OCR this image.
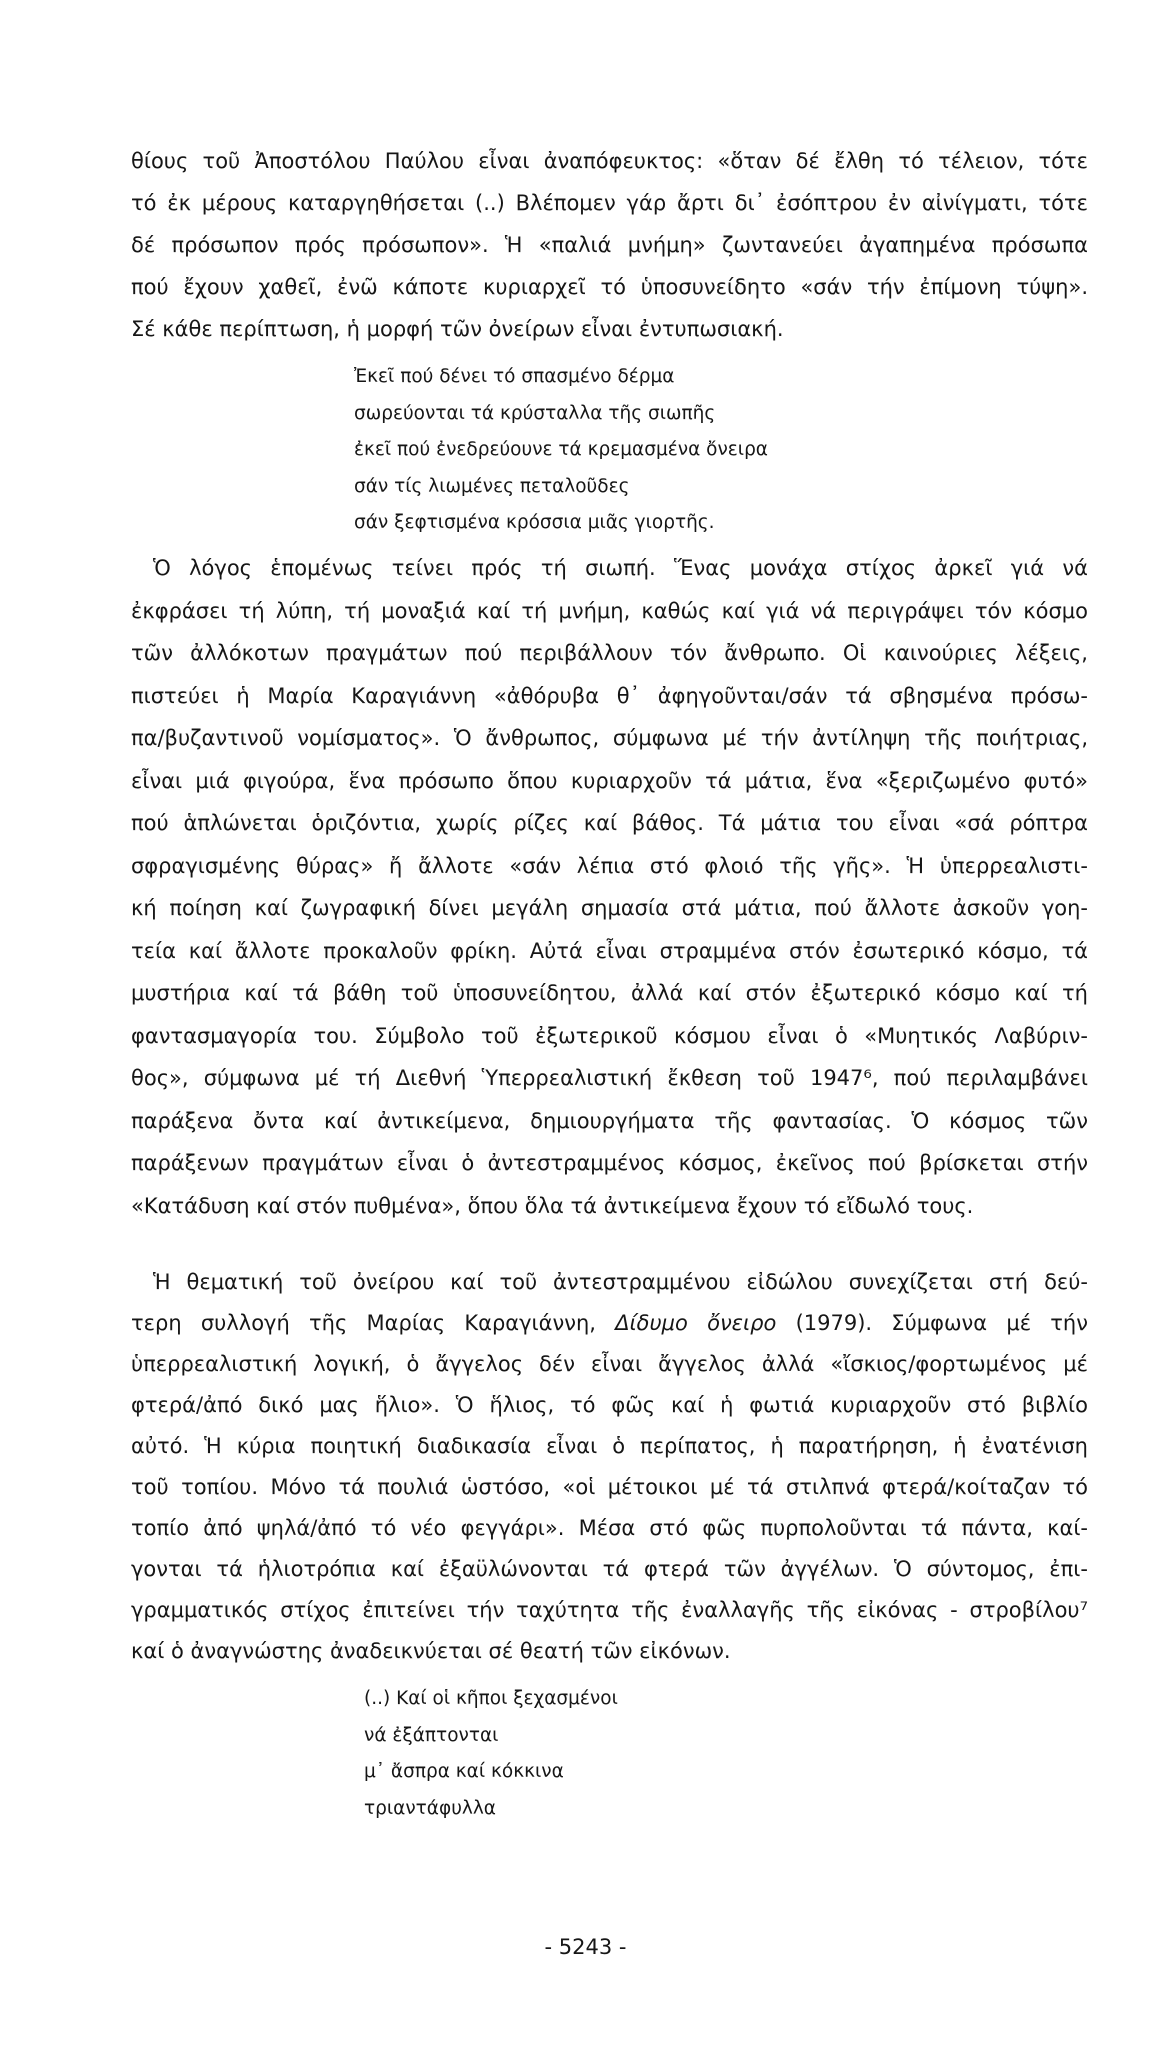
θίους τοῦ Ἀποστόλου Παύλου εἶναι ἀναπόφευκτος: «ὅταν δέ ἔλθη τό τέλειον, τότε
τό ἐκ μέρους καταργηθήσεται (..) Βλέπομεν γάρ ἄρτι δι᾿ ἐσόπτρου ἐν αἰνίγματι, τότε
δέ πρόσωπον πρός πρόσωπον». Ἡ «παλιά μνήμη» ζωντανεύει ἀγαπημένα πρόσωπα
πού ἔχουν χαθεῖ, ἐνῶ κάποτε κυριαρχεῖ τό ὑποσυνείδητο «σάν τήν ἐπίμονη τύψη».
Σέ κάθε περίπτωση, ἡ μορφή τῶν ὀνείρων εἶναι ἐντυπωσιακή.
Ἐκεῖ πού δένει τό σπασμένο δέρμα
σωρεύονται τά κρύσταλλα τῆς σιωπῆς
ἐκεῖ πού ἐνεδρεύουνε τά κρεμασμένα ὄνειρα
σάν τίς λιωμένες πεταλοῦδες
σάν ξεφτισμένα κρόσσια μιᾶς γιορτῆς.
Ὁ λόγος ἑπομένως τείνει πρός τή σιωπή. Ἕνας μονάχα στίχος ἀρκεῖ γιά νά
ἐκφράσει τή λύπη, τή μοναξιά καί τή μνήμη, καθώς καί γιά νά περιγράψει τόν κόσμο
τῶν ἀλλόκοτων πραγμάτων πού περιβάλλουν τόν ἄνθρωπο. Οἱ καινούριες λέξεις,
πιστεύει ἡ Μαρία Καραγιάννη «ἀθόρυβα θ᾿ ἀφηγοῦνται/σάν τά σβησμένα πρόσω-
πα/βυζαντινοῦ νομίσματος». Ὁ ἄνθρωπος, σύμφωνα μέ τήν ἀντίληψη τῆς ποιήτριας,
εἶναι μιά φιγούρα, ἕνα πρόσωπο ὅπου κυριαρχοῦν τά μάτια, ἕνα «ξεριζωμένο φυτό»
πού ἁπλώνεται ὁριζόντια, χωρίς ρίζες καί βάθος. Τά μάτια του εἶναι «σά ρόπτρα
σφραγισμένης θύρας» ἤ ἄλλοτε «σάν λέπια στό φλοιό τῆς γῆς». Ἡ ὑπερρεαλιστι-
κή ποίηση καί ζωγραφική δίνει μεγάλη σημασία στά μάτια, πού ἄλλοτε ἀσκοῦν γοη-
τεία καί ἄλλοτε προκαλοῦν φρίκη. Αὐτά εἶναι στραμμένα στόν ἐσωτερικό κόσμο, τά
μυστήρια καί τά βάθη τοῦ ὑποσυνείδητου, ἀλλά καί στόν ἐξωτερικό κόσμο καί τή
φαντασμαγορία του. Σύμβολο τοῦ ἐξωτερικοῦ κόσμου εἶναι ὁ «Μυητικός Λαβύριν-
θος», σύμφωνα μέ τή Διεθνή Ὑπερρεαλιστική ἔκθεση τοῦ 1947⁶, πού περιλαμβάνει
παράξενα ὄντα καί ἀντικείμενα, δημιουργήματα τῆς φαντασίας. Ὁ κόσμος τῶν
παράξενων πραγμάτων εἶναι ὁ ἀντεστραμμένος κόσμος, ἐκεῖνος πού βρίσκεται στήν
«Κατάδυση καί στόν πυθμένα», ὅπου ὅλα τά ἀντικείμενα ἔχουν τό εἴδωλό τους.
Ἡ θεματική τοῦ ὀνείρου καί τοῦ ἀντεστραμμένου εἰδώλου συνεχίζεται στή δεύ-
τερη συλλογή τῆς Μαρίας Καραγιάννη, Δίδυμο ὄνειρο (1979). Σύμφωνα μέ τήν
ὑπερρεαλιστική λογική, ὁ ἄγγελος δέν εἶναι ἄγγελος ἀλλά «ἴσκιος/φορτωμένος μέ
φτερά/ἀπό δικό μας ἥλιο». Ὁ ἥλιος, τό φῶς καί ἡ φωτιά κυριαρχοῦν στό βιβλίο
αὐτό. Ἡ κύρια ποιητική διαδικασία εἶναι ὁ περίπατος, ἡ παρατήρηση, ἡ ἐνατένιση
τοῦ τοπίου. Μόνο τά πουλιά ὡστόσο, «οἱ μέτοικοι μέ τά στιλπνά φτερά/κοίταζαν τό
τοπίο ἀπό ψηλά/ἀπό τό νέο φεγγάρι». Μέσα στό φῶς πυρπολοῦνται τά πάντα, καί-
γονται τά ἡλιοτρόπια καί ἐξαϋλώνονται τά φτερά τῶν ἀγγέλων. Ὁ σύντομος, ἐπι-
γραμματικός στίχος ἐπιτείνει τήν ταχύτητα τῆς ἐναλλαγῆς τῆς εἰκόνας - στροβίλου⁷
καί ὁ ἀναγνώστης ἀναδεικνύεται σέ θεατή τῶν εἰκόνων.
(..) Καί οἱ κῆποι ξεχασμένοι
νά ἐξάπτονται
μ᾿ ἄσπρα καί κόκκινα
τριαντάφυλλα
- 5243 -
